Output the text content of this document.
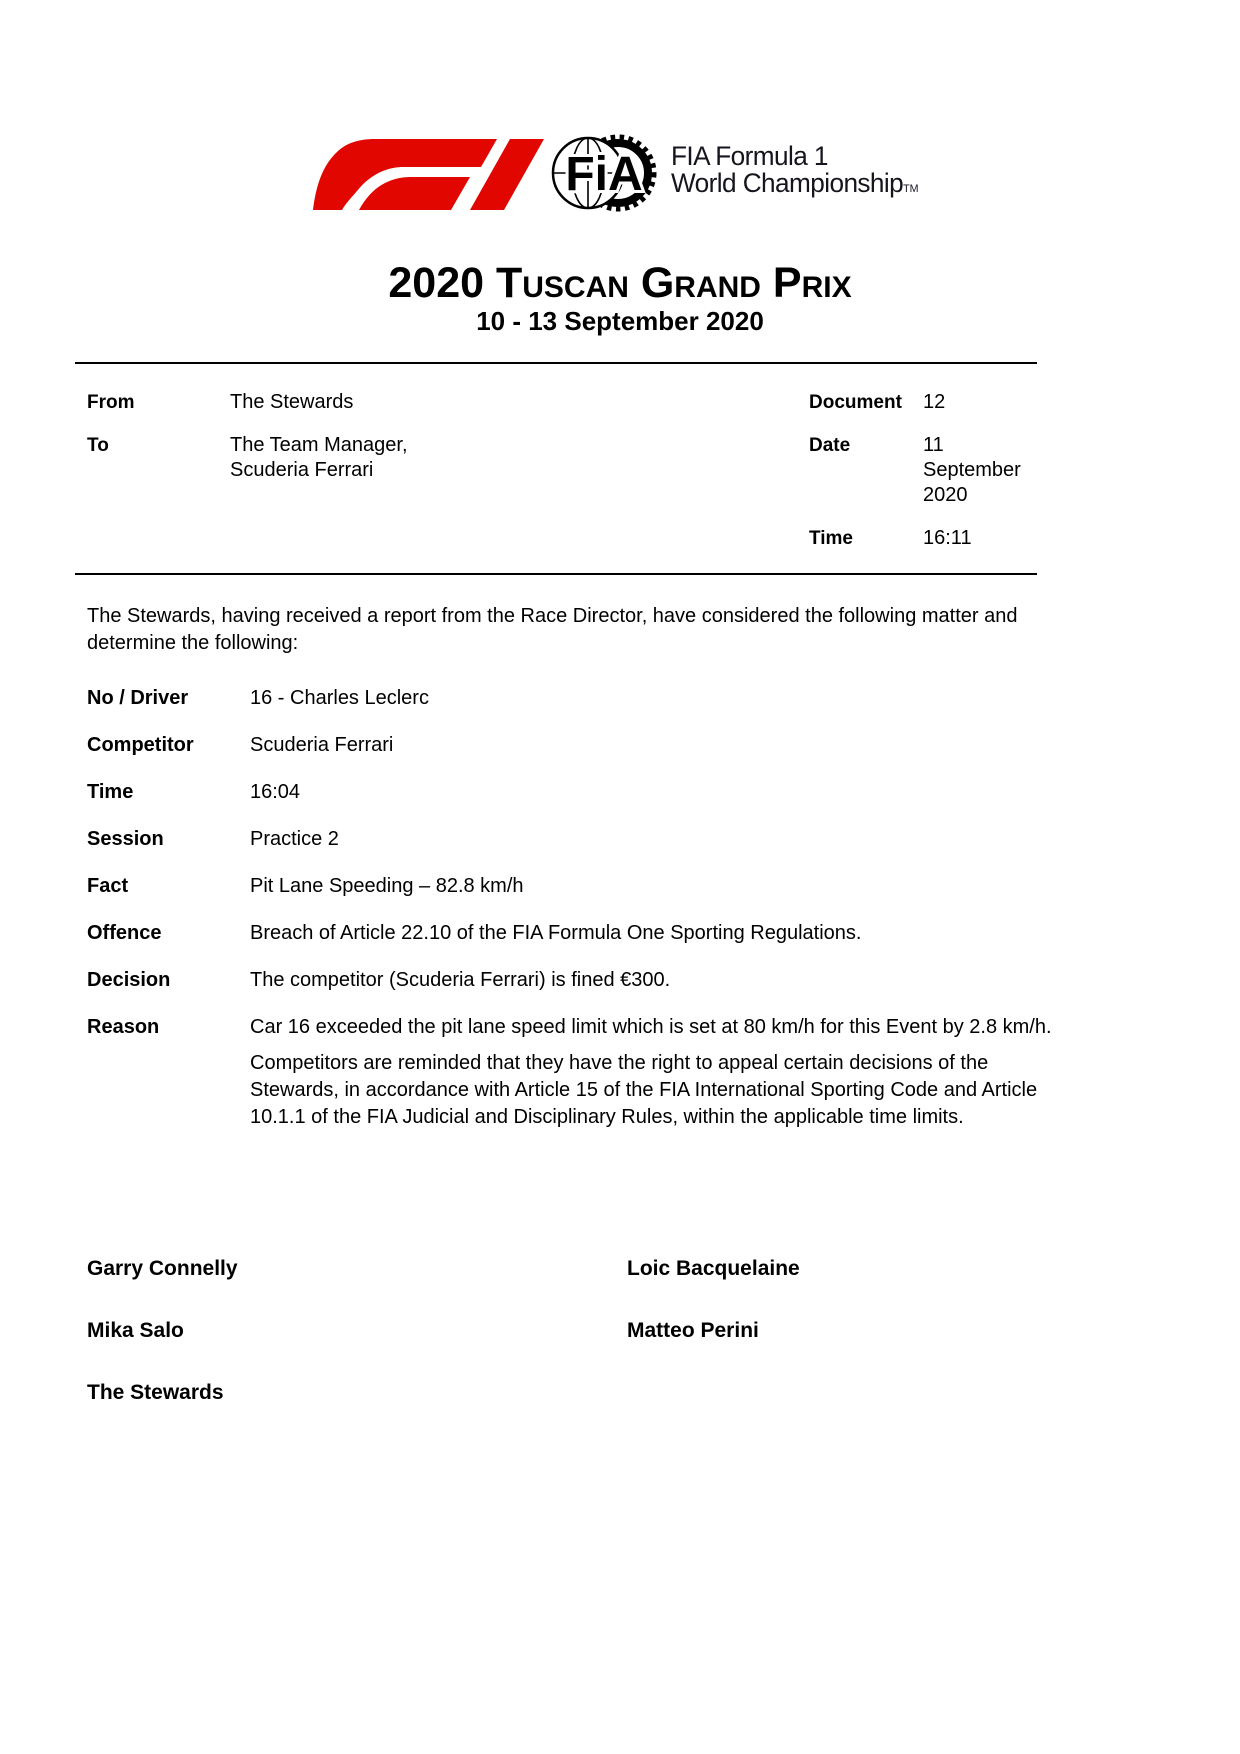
FiA FIA Formula 1
World ChampionshipTM
2020 Tuscan Grand Prix
10 - 13 September 2020
From	The Stewards
To	The Team Manager,
Scuderia Ferrari
Document	12
Date	11 September 2020
Time	16:11

The Stewards, having received a report from the Race Director, have considered the following matter and determine the following:

No / Driver	16 - Charles Leclerc
Competitor	Scuderia Ferrari
Time	16:04
Session	Practice 2
Fact	Pit Lane Speeding – 82.8 km/h
Offence	Breach of Article 22.10 of the FIA Formula One Sporting Regulations.
Decision	The competitor (Scuderia Ferrari) is fined €300.
Reason	Car 16 exceeded the pit lane speed limit which is set at 80 km/h for this Event by 2.8 km/h.

Competitors are reminded that they have the right to appeal certain decisions of the Stewards, in accordance with Article 15 of the FIA International Sporting Code and Article 10.1.1 of the FIA Judicial and Disciplinary Rules, within the applicable time limits.

Garry Connelly	Loic Bacquelaine
Mika Salo	Matteo Perini
The Stewards
